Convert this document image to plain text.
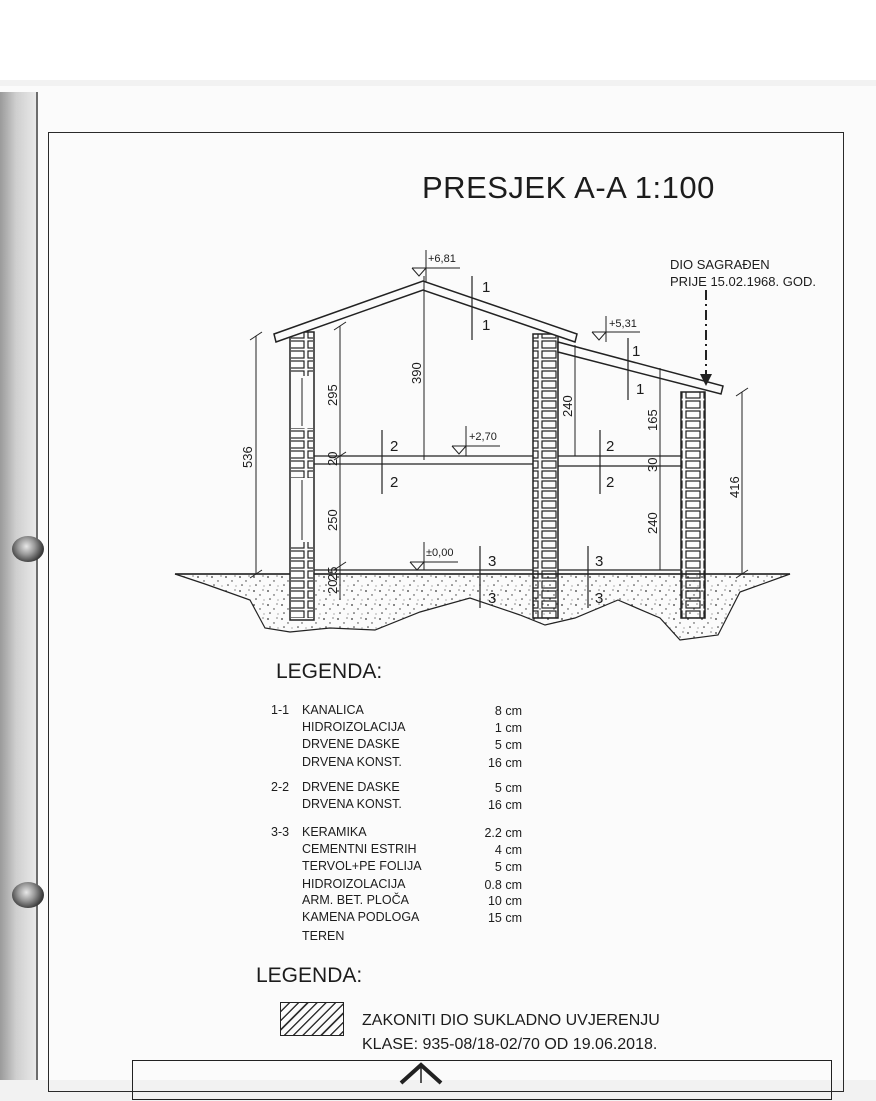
PRESJEK A-A 1:100
+6,81
+5,31
+2,70
±0,00
DIO SAGRAĐEN
PRIJE 15.02.1968. GOD.
536
295
20
250
25
20
390
240
165
30
240
416
1
1
1
1
2
2
2
2
3
3
3
3
LEGENDA:
1-1 KANALICA	8 cm
HIDROIZOLACIJA	1 cm
DRVENE DASKE	5 cm
DRVENA KONST.	16 cm
2-2 DRVENE DASKE	5 cm
DRVENA KONST.	16 cm
3-3 KERAMIKA	2.2 cm
CEMENTNI ESTRIH	4 cm
TERVOL+PE FOLIJA	5 cm
HIDROIZOLACIJA	0.8 cm
ARM. BET. PLOČA	10 cm
KAMENA PODLOGA	15 cm
TEREN
LEGENDA:
ZAKONITI DIO SUKLADNO UVJERENJU
KLASE: 935-08/18-02/70 OD 19.06.2018.
